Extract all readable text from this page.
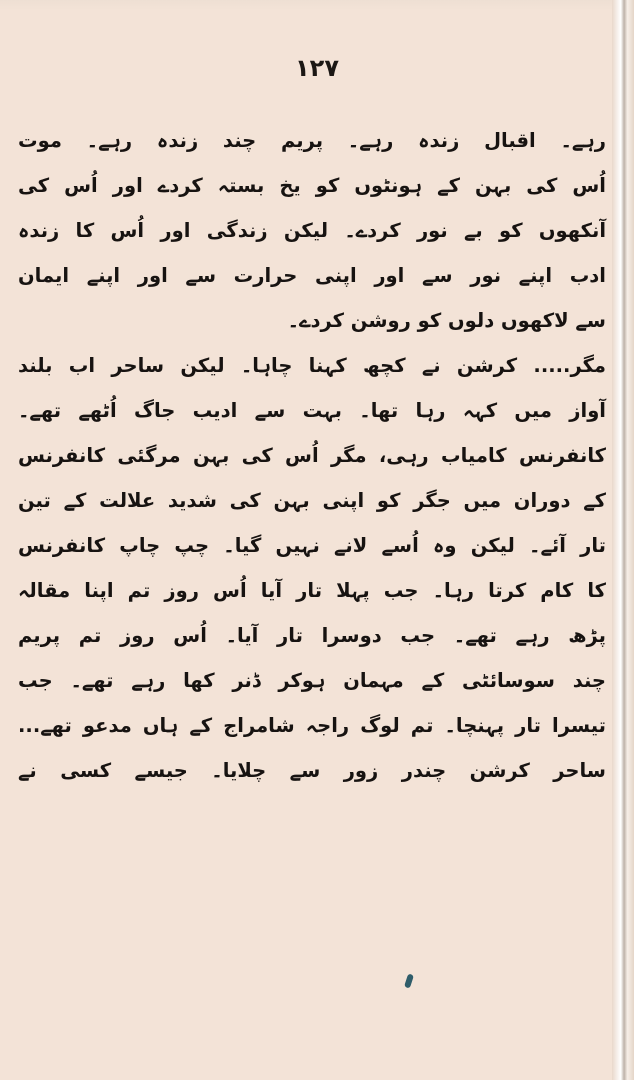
۱۲۷
رہے۔ اقبال زندہ رہے۔ پریم چند زندہ رہے۔ موت
اُس کی بہن کے ہونٹوں کو یخ بستہ کردے اور اُس کی
آنکھوں کو بے نور کردے۔ لیکن زندگی اور اُس کا زندہ
ادب اپنے نور سے اور اپنی حرارت سے اور اپنے ایمان
سے لاکھوں دلوں کو روشن کردے۔
مگر..... کرشن نے کچھ کہنا چاہا۔ لیکن ساحر اب بلند
آواز میں کہہ رہا تھا۔ بہت سے ادیب جاگ اُٹھے تھے۔
کانفرنس کامیاب رہی، مگر اُس کی بہن مرگئی کانفرنس
کے دوران میں جگر کو اپنی بہن کی شدید علالت کے تین
تار آئے۔ لیکن وہ اُسے لانے نہیں گیا۔ چپ چاپ کانفرنس
کا کام کرتا رہا۔ جب پہلا تار آیا اُس روز تم اپنا مقالہ
پڑھ رہے تھے۔ جب دوسرا تار آیا۔ اُس روز تم پریم
چند سوسائٹی کے مہمان ہوکر ڈنر کھا رہے تھے۔ جب
تیسرا تار پہنچا۔ تم لوگ راجہ شامراج کے ہاں مدعو تھے...
ساحر کرشن چندر زور سے چلایا۔ جیسے کسی نے
